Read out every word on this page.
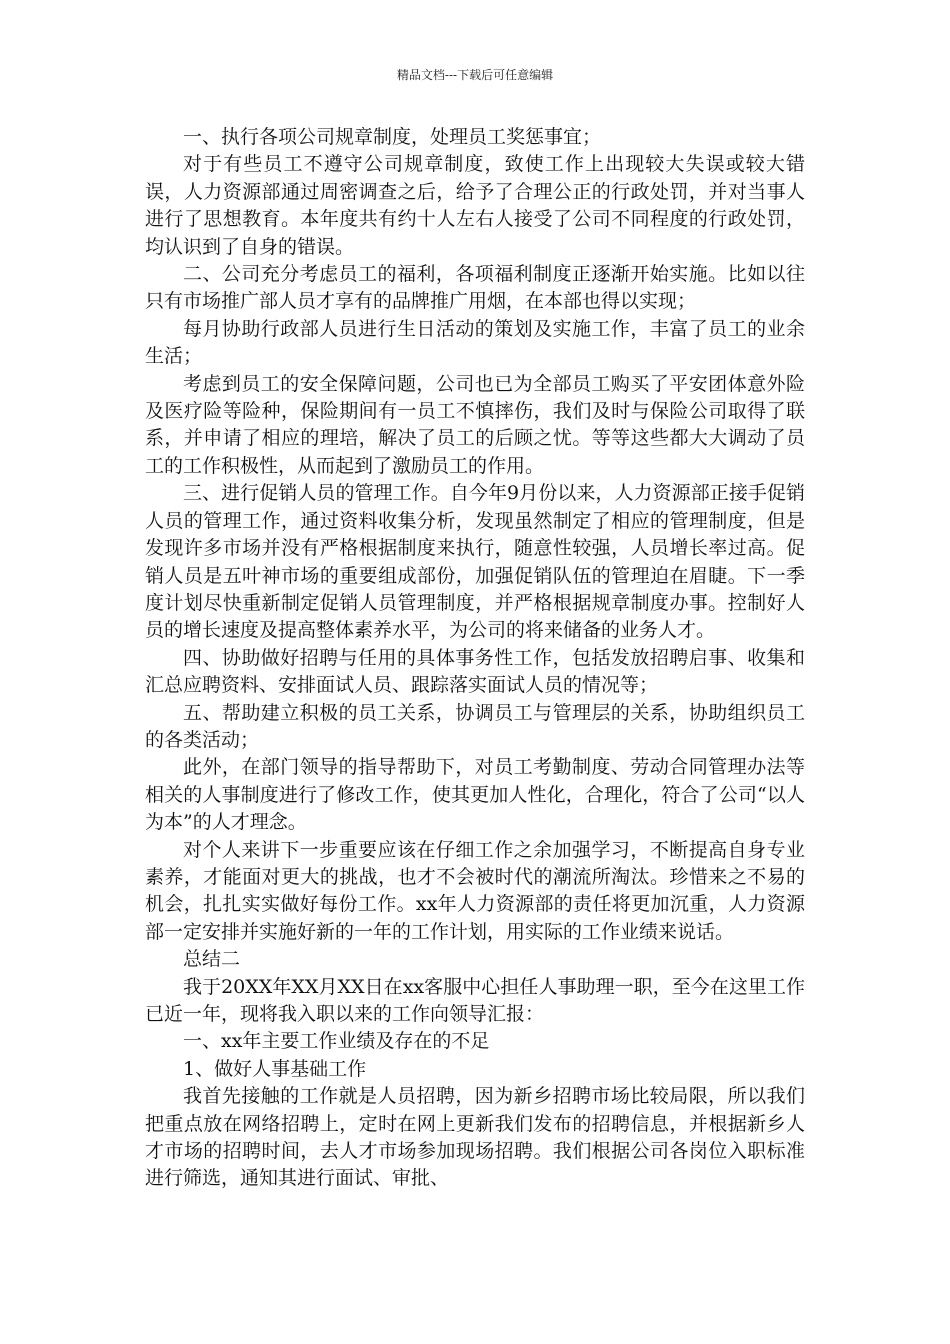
精品文档---下载后可任意编辑

一、执行各项公司规章制度，处理员工奖惩事宜；

对于有些员工不遵守公司规章制度，致使工作上出现较大失误或较大错误，人力资源部通过周密调查之后，给予了合理公正的行政处罚，并对当事人进行了思想教育。本年度共有约十人左右人接受了公司不同程度的行政处罚，均认识到了自身的错误。

二、公司充分考虑员工的福利，各项福利制度正逐渐开始实施。比如以往只有市场推广部人员才享有的品牌推广用烟，在本部也得以实现；

每月协助行政部人员进行生日活动的策划及实施工作，丰富了员工的业余生活；

考虑到员工的安全保障问题，公司也已为全部员工购买了平安团体意外险及医疗险等险种，保险期间有一员工不慎摔伤，我们及时与保险公司取得了联系，并申请了相应的理培，解决了员工的后顾之忧。等等这些都大大调动了员工的工作积极性，从而起到了激励员工的作用。

三、进行促销人员的管理工作。自今年9月份以来，人力资源部正接手促销人员的管理工作，通过资料收集分析，发现虽然制定了相应的管理制度，但是发现许多市场并没有严格根据制度来执行，随意性较强，人员增长率过高。促销人员是五叶神市场的重要组成部份，加强促销队伍的管理迫在眉睫。下一季度计划尽快重新制定促销人员管理制度，并严格根据规章制度办事。控制好人员的增长速度及提高整体素养水平，为公司的将来储备的业务人才。

四、协助做好招聘与任用的具体事务性工作，包括发放招聘启事、收集和汇总应聘资料、安排面试人员、跟踪落实面试人员的情况等；

五、帮助建立积极的员工关系，协调员工与管理层的关系，协助组织员工的各类活动；

此外，在部门领导的指导帮助下，对员工考勤制度、劳动合同管理办法等相关的人事制度进行了修改工作，使其更加人性化，合理化，符合了公司“以人为本”的人才理念。

对个人来讲下一步重要应该在仔细工作之余加强学习，不断提高自身专业素养，才能面对更大的挑战，也才不会被时代的潮流所淘汰。珍惜来之不易的机会，扎扎实实做好每份工作。xx年人力资源部的责任将更加沉重，人力资源部一定安排并实施好新的一年的工作计划，用实际的工作业绩来说话。

总结二

我于20XX年XX月XX日在xx客服中心担任人事助理一职，至今在这里工作已近一年，现将我入职以来的工作向领导汇报：

一、xx年主要工作业绩及存在的不足

1、做好人事基础工作

我首先接触的工作就是人员招聘，因为新乡招聘市场比较局限，所以我们把重点放在网络招聘上，定时在网上更新我们发布的招聘信息，并根据新乡人才市场的招聘时间，去人才市场参加现场招聘。我们根据公司各岗位入职标准进行筛选，通知其进行面试、审批、
